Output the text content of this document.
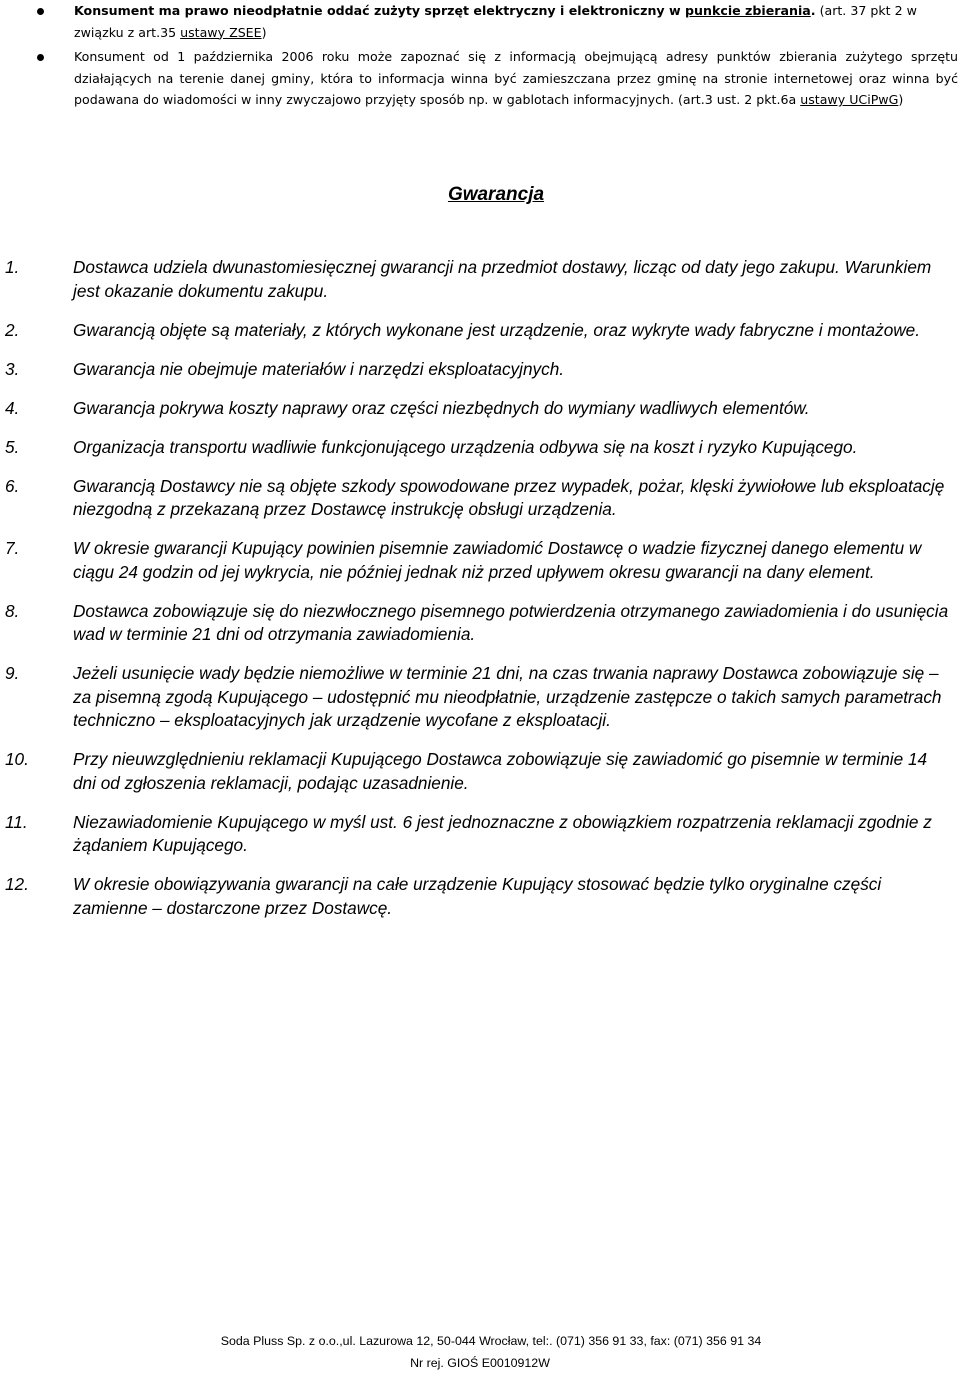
Konsument ma prawo nieodpłatnie oddać zużyty sprzęt elektryczny i elektroniczny w punkcie zbierania. (art. 37 pkt 2 w związku z art.35 ustawy ZSEE)
Konsument od 1 października 2006 roku może zapoznać się z informacją obejmującą adresy punktów zbierania zużytego sprzętu działających na terenie danej gminy, która to informacja winna być zamieszczana przez gminę na stronie internetowej oraz winna być podawana do wiadomości w inny zwyczajowo przyjęty sposób np. w gablotach informacyjnych. (art.3 ust. 2 pkt.6a ustawy UCiPwG)
Gwarancja
1.	Dostawca udziela dwunastomiesięcznej gwarancji na przedmiot dostawy, licząc od daty jego zakupu. Warunkiem jest okazanie dokumentu zakupu.
2.	Gwarancją objęte są materiały, z których wykonane jest urządzenie, oraz wykryte wady fabryczne i montażowe.
3.	Gwarancja nie obejmuje materiałów i narzędzi eksploatacyjnych.
4.	Gwarancja pokrywa koszty naprawy oraz części niezbędnych do wymiany wadliwych elementów.
5.	Organizacja transportu wadliwie funkcjonującego urządzenia odbywa się na koszt i ryzyko Kupującego.
6.	Gwarancją Dostawcy nie są objęte szkody spowodowane przez wypadek, pożar, klęski żywiołowe lub eksploatację niezgodną z przekazaną przez Dostawcę instrukcję obsługi urządzenia.
7.	W okresie gwarancji Kupujący powinien pisemnie zawiadomić Dostawcę o wadzie fizycznej danego elementu w ciągu 24 godzin od jej wykrycia, nie później jednak niż przed upływem okresu gwarancji na dany element.
8.	Dostawca zobowiązuje się do niezwłocznego pisemnego potwierdzenia otrzymanego zawiadomienia i do usunięcia wad w terminie 21 dni od otrzymania zawiadomienia.
9.	Jeżeli usunięcie wady będzie niemożliwe w terminie 21 dni, na czas trwania naprawy Dostawca zobowiązuje się – za pisemną zgodą Kupującego – udostępnić mu nieodpłatnie, urządzenie zastępcze o takich samych parametrach techniczno – eksploatacyjnych jak urządzenie wycofane z eksploatacji.
10.	Przy nieuwzględnieniu reklamacji Kupującego Dostawca zobowiązuje się zawiadomić go pisemnie w terminie 14 dni od zgłoszenia reklamacji, podając uzasadnienie.
11.	Niezawiadomienie Kupującego w myśl ust. 6 jest jednoznaczne z obowiązkiem rozpatrzenia reklamacji zgodnie z żądaniem Kupującego.
12.	W okresie obowiązywania gwarancji na całe urządzenie Kupujący stosować będzie tylko oryginalne części zamienne – dostarczone przez Dostawcę.
Soda Pluss Sp. z o.o.,ul. Lazurowa 12, 50-044 Wrocław, tel:. (071) 356 91 33, fax: (071) 356 91 34
Nr rej. GIOŚ E0010912W
